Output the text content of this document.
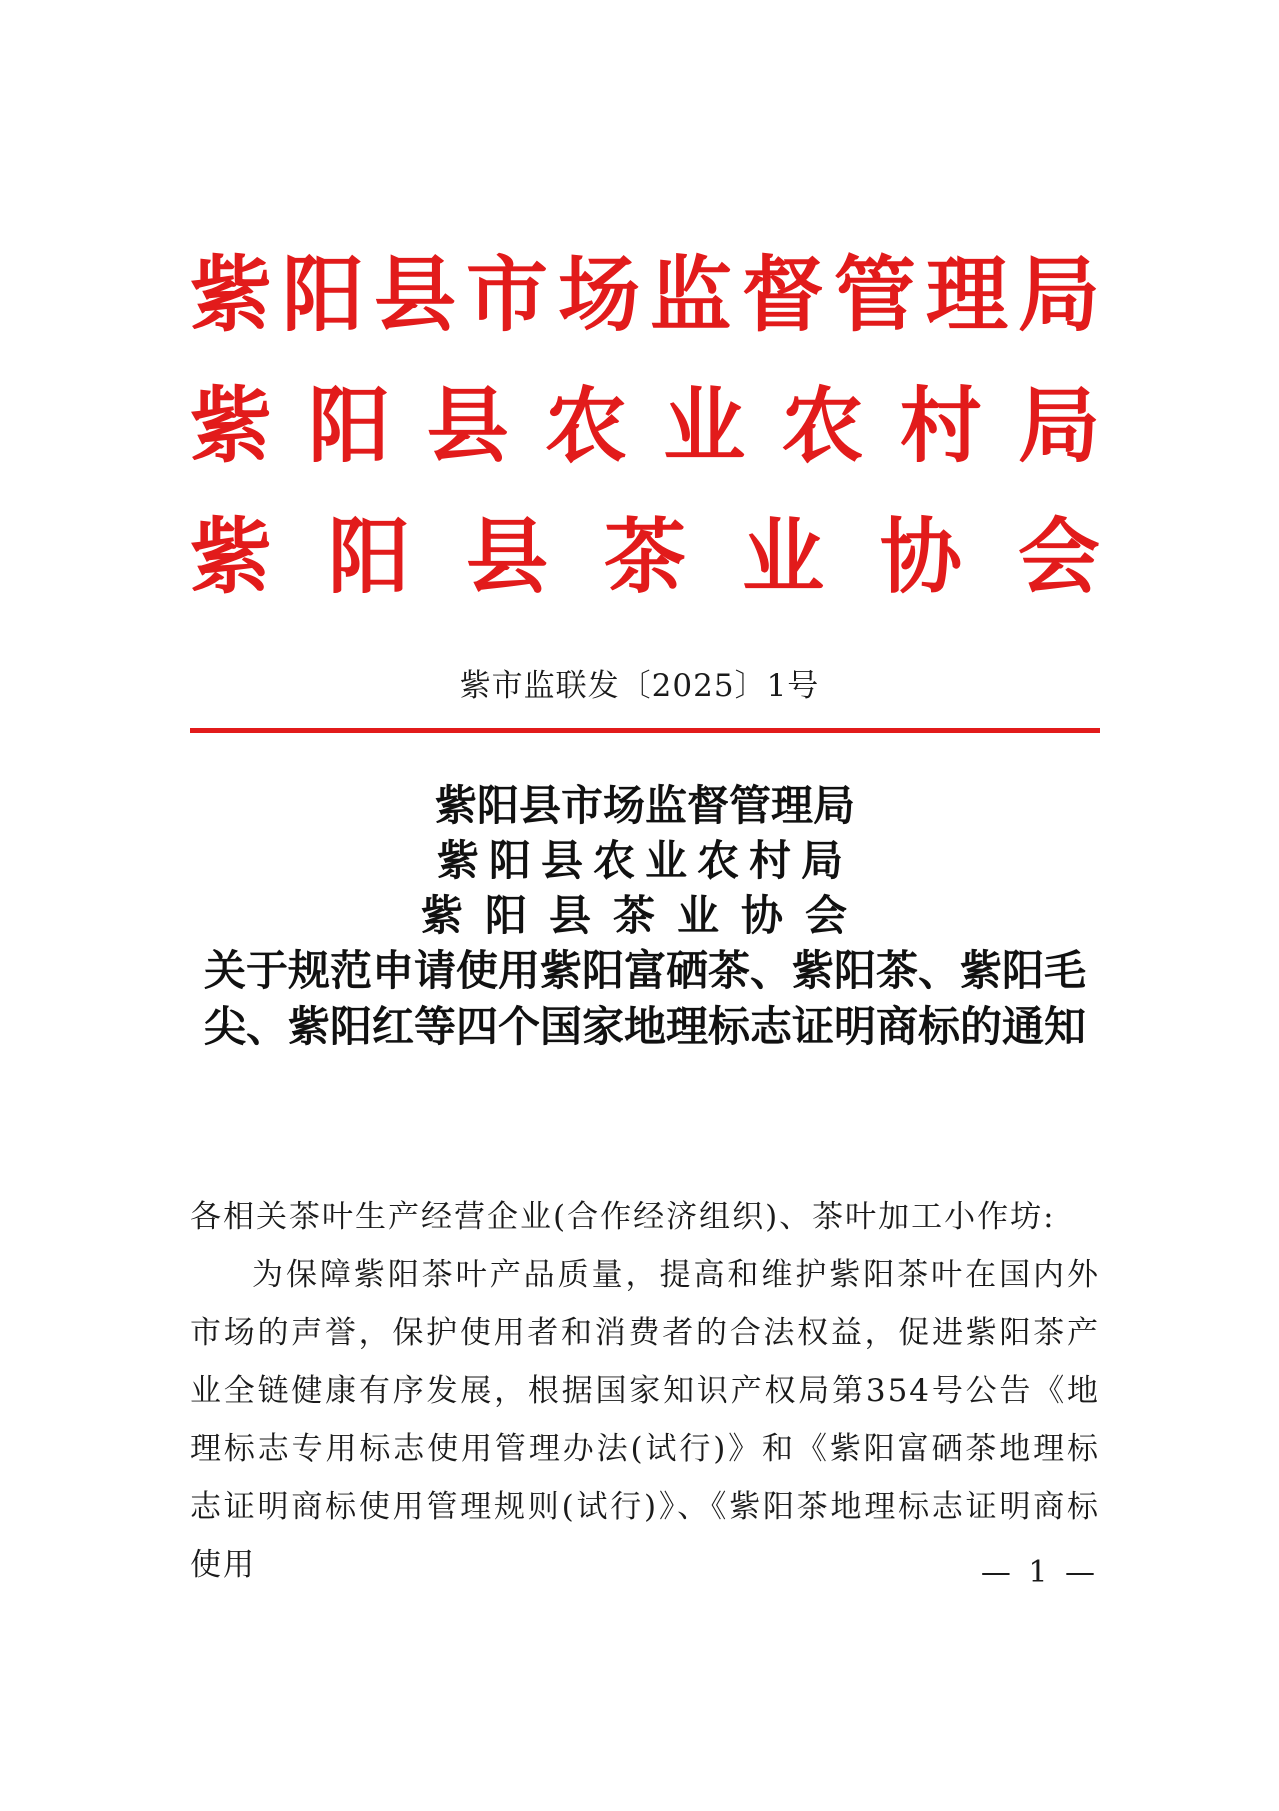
紫 阳 县 市 场 监 督 管 理 局
紫 阳 县 农 业 农 村 局
紫 阳 县 茶 业 协 会
紫市监联发〔2025〕1号
紫阳县市场监督管理局
紫阳县农业农村局
紫阳县茶业协会
关于规范申请使用紫阳富硒茶、紫阳茶、紫阳毛尖、紫阳红等四个国家地理标志证明商标的通知
各相关茶叶生产经营企业(合作经济组织)、茶叶加工小作坊:
为保障紫阳茶叶产品质量，提高和维护紫阳茶叶在国内外市场的声誉，保护使用者和消费者的合法权益，促进紫阳茶产业全链健康有序发展，根据国家知识产权局第354号公告《地理标志专用标志使用管理办法(试行)》和《紫阳富硒茶地理标志证明商标使用管理规则(试行)》、《紫阳茶地理标志证明商标使用	— 1 —
